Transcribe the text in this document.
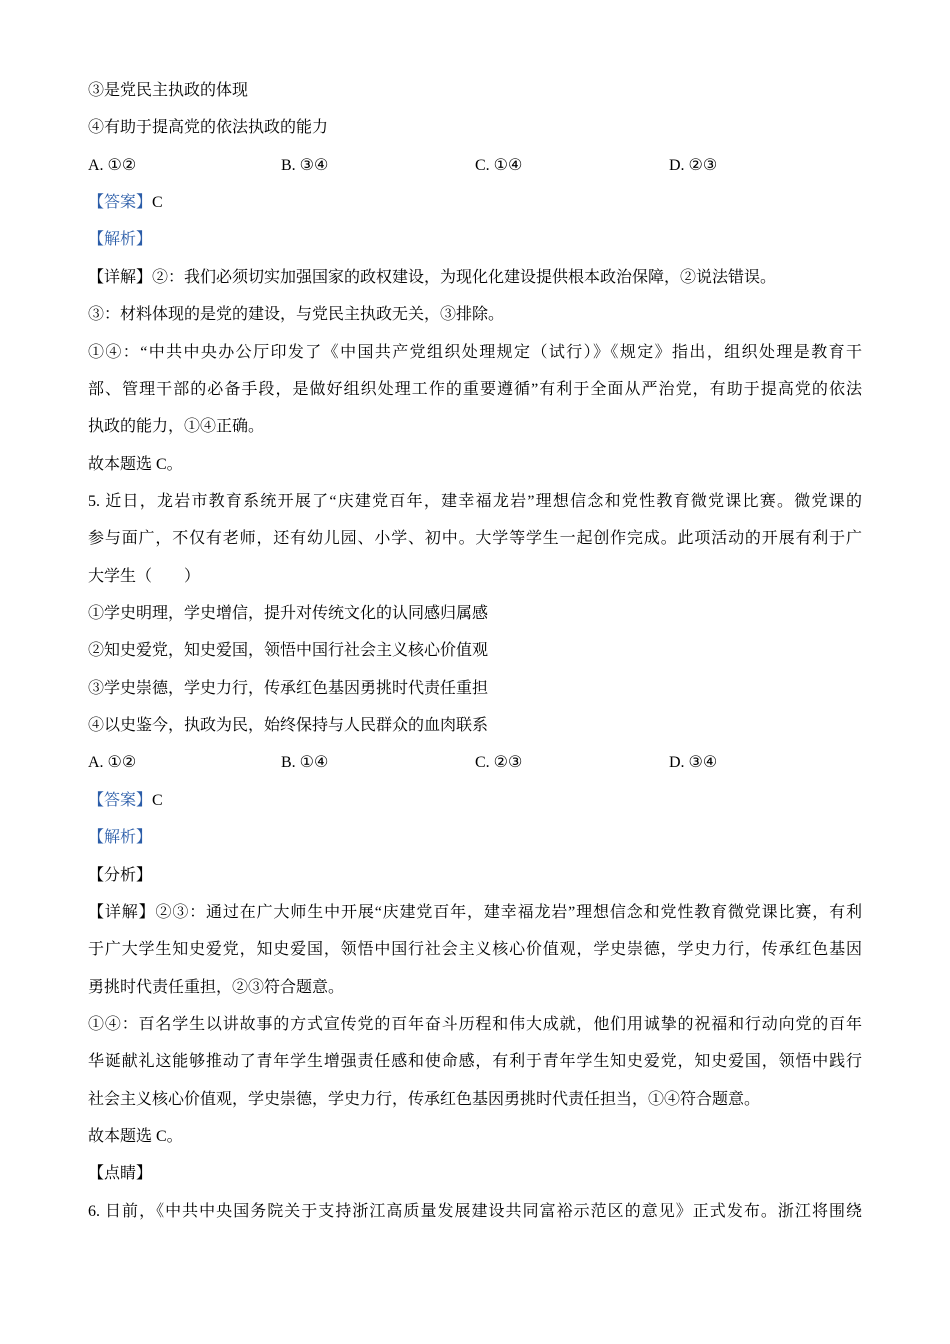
③是党民主执政的体现
④有助于提高党的依法执政的能力
A. ①②	B. ③④	C. ①④	D. ②③
【答案】C
【解析】
【详解】②：我们必须切实加强国家的政权建设，为现化化建设提供根本政治保障，②说法错误。
③：材料体现的是党的建设，与党民主执政无关，③排除。
①④：“中共中央办公厅印发了《中国共产党组织处理规定（试行）》《规定》指出，组织处理是教育干
部、管理干部的必备手段，是做好组织处理工作的重要遵循”有利于全面从严治党，有助于提高党的依法
执政的能力，①④正确。
故本题选 C。
5. 近日，龙岩市教育系统开展了“庆建党百年，建幸福龙岩”理想信念和党性教育微党课比赛。微党课的
参与面广，不仅有老师，还有幼儿园、小学、初中。大学等学生一起创作完成。此项活动的开展有利于广
大学生（　　）
①学史明理，学史增信，提升对传统文化的认同感归属感
②知史爱党，知史爱国，领悟中国行社会主义核心价值观
③学史崇德，学史力行，传承红色基因勇挑时代责任重担
④以史鉴今，执政为民，始终保持与人民群众的血肉联系
A. ①②	B. ①④	C. ②③	D. ③④
【答案】C
【解析】
【分析】
【详解】②③：通过在广大师生中开展“庆建党百年，建幸福龙岩”理想信念和党性教育微党课比赛，有利
于广大学生知史爱党，知史爱国，领悟中国行社会主义核心价值观，学史崇德，学史力行，传承红色基因
勇挑时代责任重担，②③符合题意。
①④：百名学生以讲故事的方式宣传党的百年奋斗历程和伟大成就，他们用诚挚的祝福和行动向党的百年
华诞献礼这能够推动了青年学生增强责任感和使命感，有利于青年学生知史爱党，知史爱国，领悟中践行
社会主义核心价值观，学史崇德，学史力行，传承红色基因勇挑时代责任担当，①④符合题意。
故本题选 C。
【点睛】
6. 日前，《中共中央国务院关于支持浙江高质量发展建设共同富裕示范区的意见》正式发布。浙江将围绕
